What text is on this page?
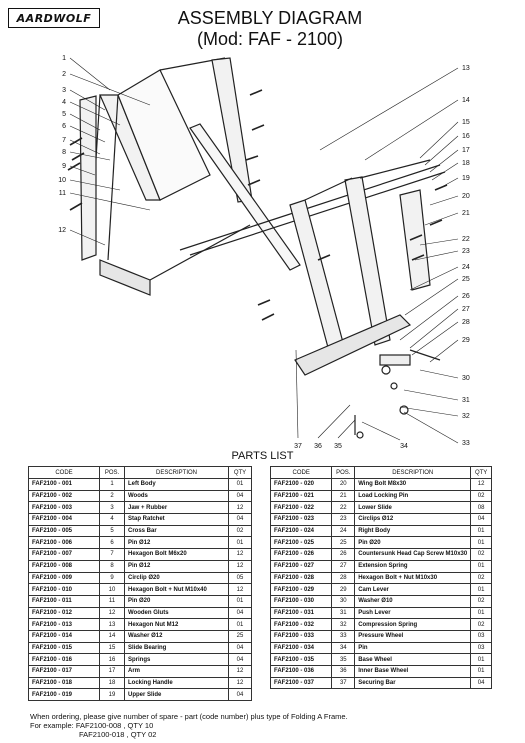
AARDWOLF	ASSEMBLY DIAGRAM
(Mod: FAF - 2100)
1
2
3
4
5
6
7
8
9
10
11
12
13
14
15
16
17
18
19
20
21
22
23
24
25
26
27
28
29
30
31
32
33
37 36 35	34
PARTS LIST
CODE	POS.	DESCRIPTION	QTY
FAF2100 - 001	1	Left Body	01
FAF2100 - 002	2	Woods	04
FAF2100 - 003	3	Jaw + Rubber	12
FAF2100 - 004	4	Stap Ratchet	04
FAF2100 - 005	5	Cross Bar	02
FAF2100 - 006	6	Pin Ø12	01
FAF2100 - 007	7	Hexagon Bolt M6x20	12
FAF2100 - 008	8	Pin Ø12	12
FAF2100 - 009	9	Circlip Ø20	05
FAF2100 - 010	10	Hexagon Bolt + Nut M10x40	12
FAF2100 - 011	11	Pin Ø20	01
FAF2100 - 012	12	Wooden Gluts	04
FAF2100 - 013	13	Hexagon Nut M12	01
FAF2100 - 014	14	Washer Ø12	25
FAF2100 - 015	15	Slide Bearing	04
FAF2100 - 016	16	Springs	04
FAF2100 - 017	17	Arm	12
FAF2100 - 018	18	Locking Handle	12
FAF2100 - 019	19	Upper Slide	04
CODE	POS.	DESCRIPTION	QTY
FAF2100 - 020	20	Wing Bolt M8x30	12
FAF2100 - 021	21	Load Locking Pin	02
FAF2100 - 022	22	Lower Slide	08
FAF2100 - 023	23	Circlips Ø12	04
FAF2100 - 024	24	Right Body	01
FAF2100 - 025	25	Pin Ø20	01
FAF2100 - 026	26	Countersunk Head Cap Screw M10x30	02
FAF2100 - 027	27	Extension Spring	01
FAF2100 - 028	28	Hexagon Bolt + Nut M10x30	02
FAF2100 - 029	29	Cam Lever	01
FAF2100 - 030	30	Washer Ø10	02
FAF2100 - 031	31	Push Lever	01
FAF2100 - 032	32	Compression Spring	02
FAF2100 - 033	33	Pressure Wheel	03
FAF2100 - 034	34	Pin	03
FAF2100 - 035	35	Base Wheel	01
FAF2100 - 036	36	Inner Base Wheel	01
FAF2100 - 037	37	Securing Bar	04
When ordering, please give number of spare - part (code number) plus type of Folding A Frame.
For example: FAF2100-008 , QTY 10
FAF2100-018 , QTY 02
